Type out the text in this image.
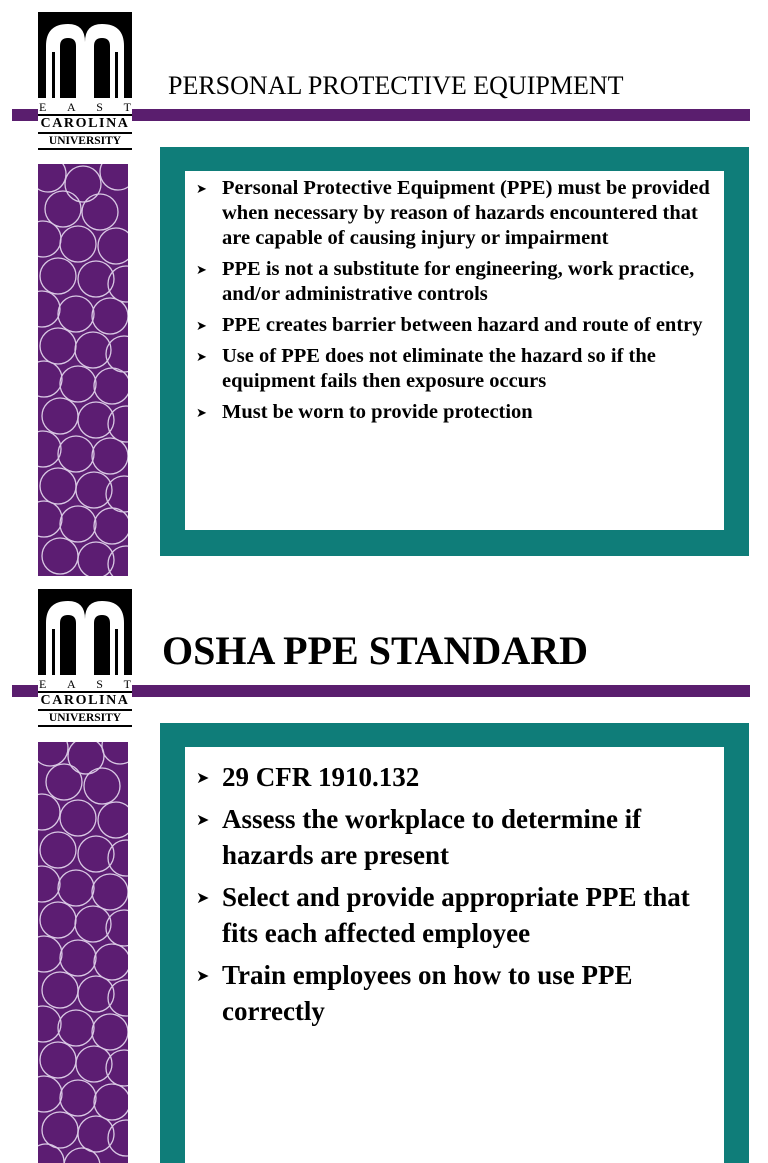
E A S T
CAROLINA
UNIVERSITY
PERSONAL PROTECTIVE EQUIPMENT
➤ Personal Protective Equipment (PPE) must be provided when necessary by reason of hazards encountered that are capable of causing injury or impairment
➤ PPE is not a substitute for engineering, work practice, and/or administrative controls
➤ PPE creates barrier between hazard and route of entry
➤ Use of PPE does not eliminate the hazard so if the equipment fails then exposure occurs
➤ Must be worn to provide protection
E A S T
CAROLINA
UNIVERSITY
OSHA PPE STANDARD
➤ 29 CFR 1910.132
➤ Assess the workplace to determine if hazards are present
➤ Select and provide appropriate PPE that fits each affected employee
➤ Train employees on how to use PPE correctly
